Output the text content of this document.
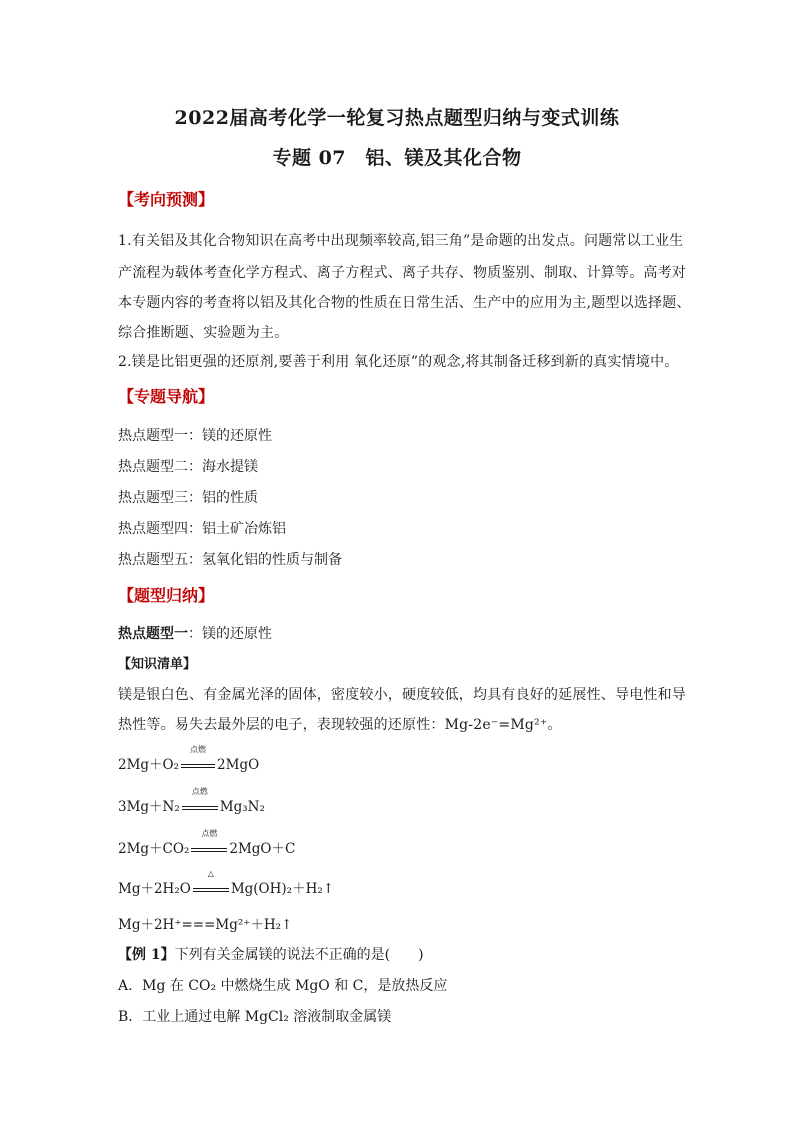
2022届高考化学一轮复习热点题型归纳与变式训练
专题 07　铝、镁及其化合物
【考向预测】
1.有关铝及其化合物知识在高考中出现频率较高,铝三角”是命题的出发点。问题常以工业生
产流程为载体考查化学方程式、离子方程式、离子共存、物质鉴别、制取、计算等。高考对
本专题内容的考查将以铝及其化合物的性质在日常生活、生产中的应用为主,题型以选择题、
综合推断题、实验题为主。
2.镁是比铝更强的还原剂,要善于利用 氧化还原”的观念,将其制备迁移到新的真实情境中。
【专题导航】
热点题型一：镁的还原性
热点题型二：海水提镁
热点题型三：铝的性质
热点题型四：铝土矿冶炼铝
热点题型五：氢氧化铝的性质与制备
【题型归纳】
热点题型一：镁的还原性
【知识清单】
镁是银白色、有金属光泽的固体，密度较小，硬度较低，均具有良好的延展性、导电性和导
热性等。易失去最外层的电子，表现较强的还原性：Mg-2e⁻=Mg²⁺。
2Mg＋O₂
点燃
2MgO
3Mg＋N₂
点燃
Mg₃N₂
2Mg＋CO₂
点燃
2MgO＋C
Mg＋2H₂O
△
Mg(OH)₂＋H₂↑
Mg＋2H⁺===Mg²⁺＋H₂↑
【例 1】下列有关金属镁的说法不正确的是(　　)
A．Mg 在 CO₂ 中燃烧生成 MgO 和 C，是放热反应
B．工业上通过电解 MgCl₂ 溶液制取金属镁
